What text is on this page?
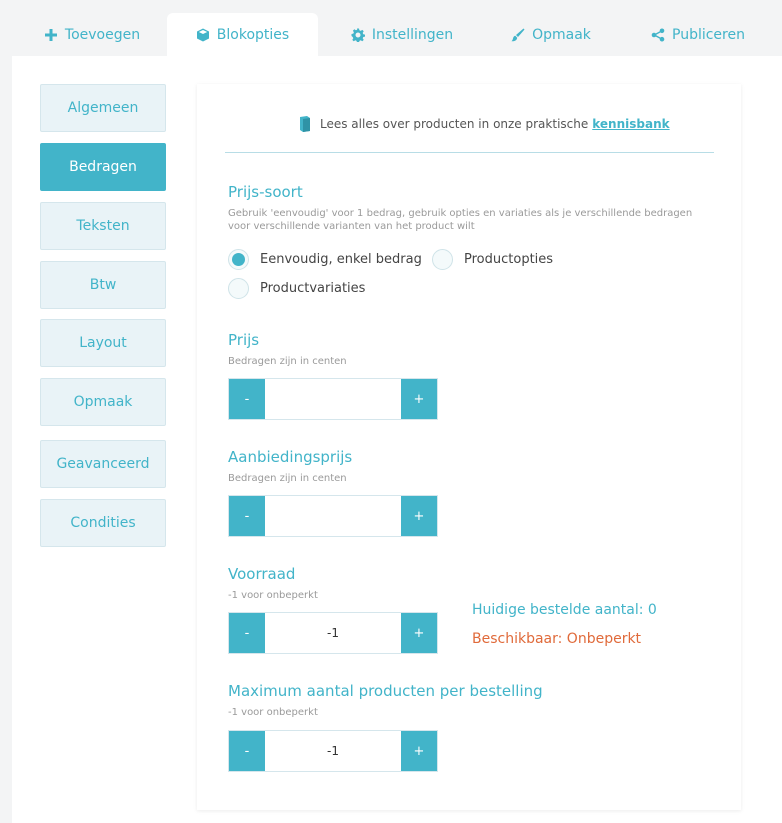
Toevoegen	Blokopties	Instellingen	Opmaak	Publiceren
Algemeen
Bedragen
Teksten
Btw
Layout
Opmaak
Geavanceerd
Condities
Lees alles over producten in onze praktische kennisbank
Prijs-soort
Gebruik 'eenvoudig' voor 1 bedrag, gebruik opties en variaties als je verschillende bedragen voor verschillende varianten van het product wilt
Eenvoudig, enkel bedrag	Productopties
Productvariaties
Prijs
Bedragen zijn in centen
-	+
Aanbiedingsprijs
Bedragen zijn in centen
-	+
Voorraad
-1 voor onbeperkt
-	-1	+
Huidige bestelde aantal: 0
Beschikbaar: Onbeperkt
Maximum aantal producten per bestelling
-1 voor onbeperkt
-	-1	+
